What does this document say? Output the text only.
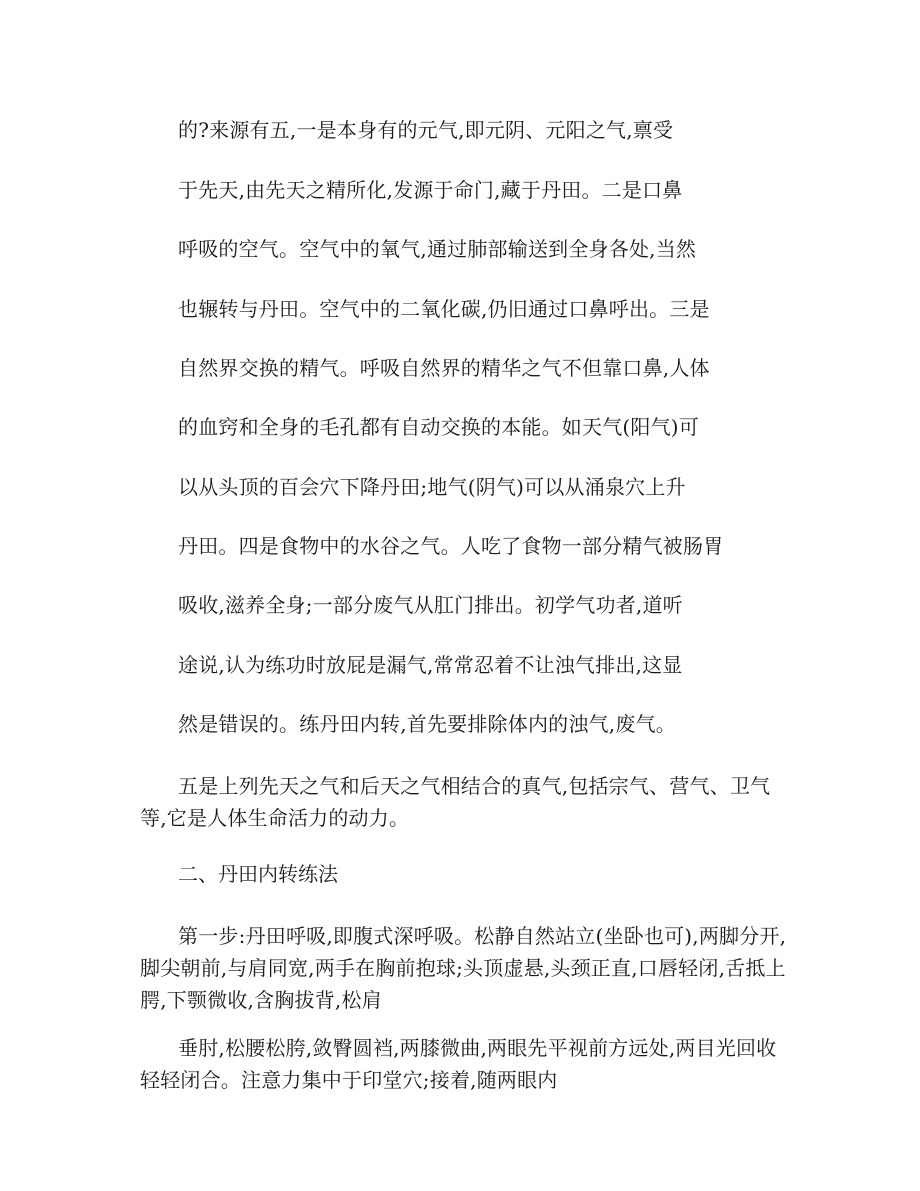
的?来源有五,一是本身有的元气,即元阴、元阳之气,禀受
于先天,由先天之精所化,发源于命门,藏于丹田。二是口鼻
呼吸的空气。空气中的氧气,通过肺部输送到全身各处,当然
也辗转与丹田。空气中的二氧化碳,仍旧通过口鼻呼出。三是
自然界交换的精气。呼吸自然界的精华之气不但靠口鼻,人体
的血窍和全身的毛孔都有自动交换的本能。如天气(阳气)可
以从头顶的百会穴下降丹田;地气(阴气)可以从涌泉穴上升
丹田。四是食物中的水谷之气。人吃了食物一部分精气被肠胃
吸收,滋养全身;一部分废气从肛门排出。初学气功者,道听
途说,认为练功时放屁是漏气,常常忍着不让浊气排出,这显
然是错误的。练丹田内转,首先要排除体内的浊气,废气。
五是上列先天之气和后天之气相结合的真气,包括宗气、营气、卫气等,它是人体生命活力的动力。
二、丹田内转练法
第一步:丹田呼吸,即腹式深呼吸。松静自然站立(坐卧也可),两脚分开,脚尖朝前,与肩同宽,两手在胸前抱球;头顶虚悬,头颈正直,口唇轻闭,舌抵上腭,下颚微收,含胸拔背,松肩
垂肘,松腰松胯,敛臀圆裆,两膝微曲,两眼先平视前方远处,两目光回收轻轻闭合。注意力集中于印堂穴;接着,随两眼内
